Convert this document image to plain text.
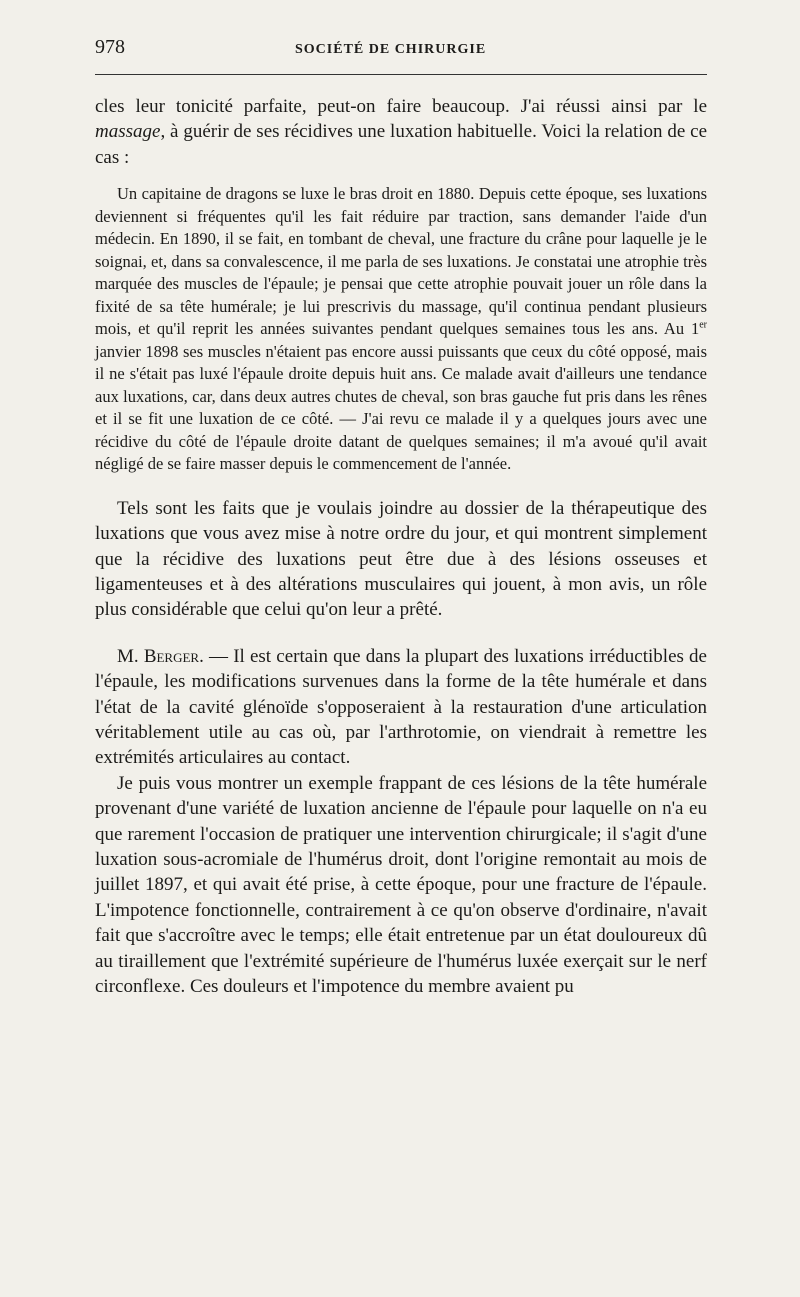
978	SOCIÉTÉ DE CHIRURGIE

cles leur tonicité parfaite, peut-on faire beaucoup. J'ai réussi ainsi par le massage, à guérir de ses récidives une luxation habituelle. Voici la relation de ce cas :

Un capitaine de dragons se luxe le bras droit en 1880. Depuis cette époque, ses luxations deviennent si fréquentes qu'il les fait réduire par traction, sans demander l'aide d'un médecin. En 1890, il se fait, en tombant de cheval, une fracture du crâne pour laquelle je le soignai, et, dans sa convalescence, il me parla de ses luxations. Je constatai une atrophie très marquée des muscles de l'épaule; je pensai que cette atrophie pouvait jouer un rôle dans la fixité de sa tête humérale; je lui prescrivis du massage, qu'il continua pendant plusieurs mois, et qu'il reprit les années suivantes pendant quelques semaines tous les ans. Au 1er janvier 1898 ses muscles n'étaient pas encore aussi puissants que ceux du côté opposé, mais il ne s'était pas luxé l'épaule droite depuis huit ans. Ce malade avait d'ailleurs une tendance aux luxations, car, dans deux autres chutes de cheval, son bras gauche fut pris dans les rênes et il se fit une luxation de ce côté. — J'ai revu ce malade il y a quelques jours avec une récidive du côté de l'épaule droite datant de quelques semaines; il m'a avoué qu'il avait négligé de se faire masser depuis le commencement de l'année.

Tels sont les faits que je voulais joindre au dossier de la thérapeutique des luxations que vous avez mise à notre ordre du jour, et qui montrent simplement que la récidive des luxations peut être due à des lésions osseuses et ligamenteuses et à des altérations musculaires qui jouent, à mon avis, un rôle plus considérable que celui qu'on leur a prêté.

M. Berger. — Il est certain que dans la plupart des luxations irréductibles de l'épaule, les modifications survenues dans la forme de la tête humérale et dans l'état de la cavité glénoïde s'opposeraient à la restauration d'une articulation véritablement utile au cas où, par l'arthrotomie, on viendrait à remettre les extrémités articulaires au contact.

Je puis vous montrer un exemple frappant de ces lésions de la tête humérale provenant d'une variété de luxation ancienne de l'épaule pour laquelle on n'a eu que rarement l'occasion de pratiquer une intervention chirurgicale; il s'agit d'une luxation sous-acromiale de l'humérus droit, dont l'origine remontait au mois de juillet 1897, et qui avait été prise, à cette époque, pour une fracture de l'épaule. L'impotence fonctionnelle, contrairement à ce qu'on observe d'ordinaire, n'avait fait que s'accroître avec le temps; elle était entretenue par un état douloureux dû au tiraillement que l'extrémité supérieure de l'humérus luxée exerçait sur le nerf circonflexe. Ces douleurs et l'impotence du membre avaient pu
